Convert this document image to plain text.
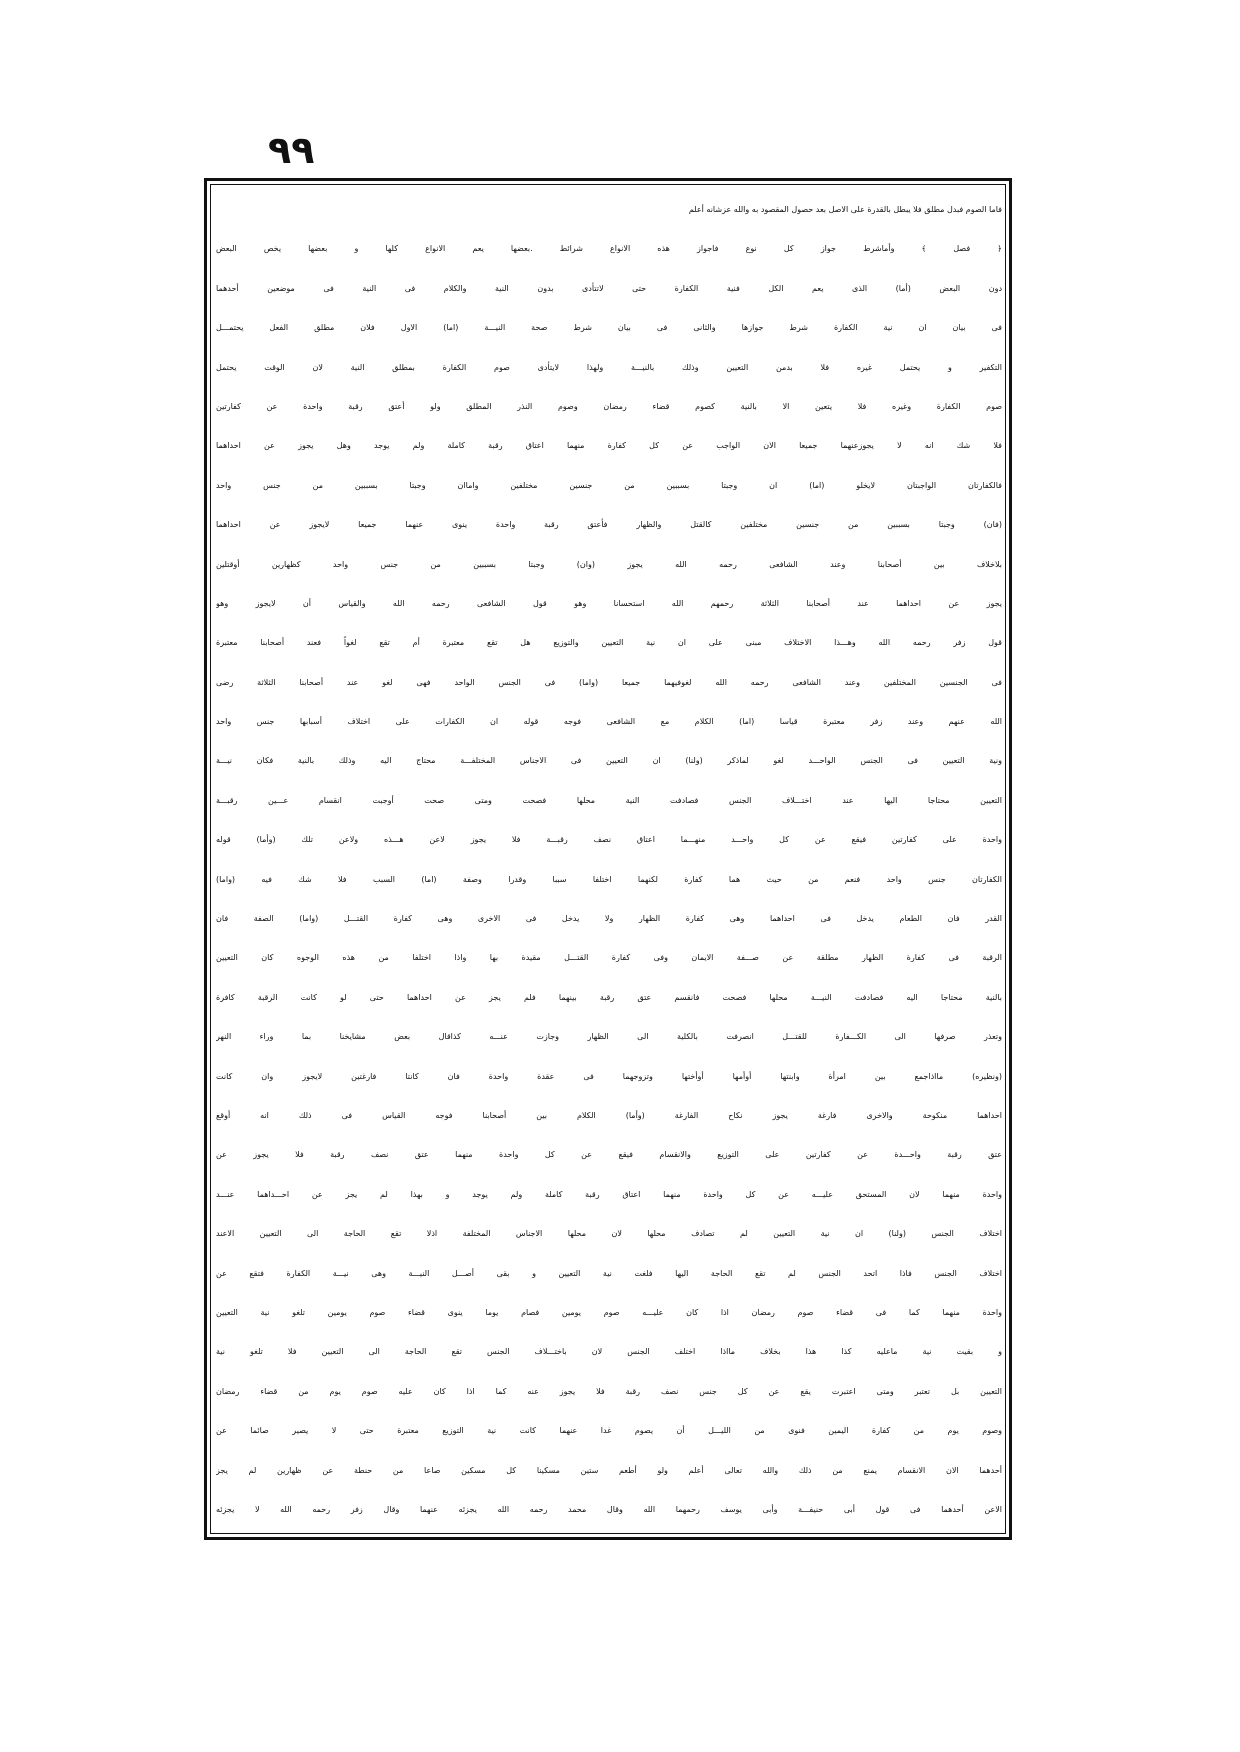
٩٩
فاما الصوم فبدل مطلق فلا يبطل بالقدرة على الاصل بعد حصول المقصود به والله عزشانه أعلم
﴿ فصل ﴾ وأماشرط جواز كل نوع فاجواز هذه الانواع شرائط .بعضها يعم الانواع كلها و بعضها يخص البعض
دون البعض (أما) الذى يعم الكل فنية الكفارة حتى لاتتأدى بدون النية والكلام فى النية فى موضعين أحدهما
فى بيان ان نية الكفارة شرط جوازها والثانى فى بيان شرط صحة النيـــة (اما) الاول فلان مطلق الفعل يحتمـــل
التكفير و يحتمل غيره فلا بدمن التعيين وذلك بالنيـــة ولهذا لايتأدى صوم الكفارة بمطلق النية لان الوقت يحتمل
صوم الكفارة وغيره فلا يتعين الا بالنية كصوم قضاء رمضان وصوم النذر المطلق ولو أعتق رقبة واحدة عن كفارتين
فلا شك انه لا يجوزعنهما جميعا الان الواجب عن كل كفارة منهما اعتاق رقبة كاملة ولم يوجد وهل يجوز عن احداهما
فالكفارتان الواجبتان لايخلو (اما) ان وجبتا بسببين من جنسين مختلفين واماان وجبتا بسببين من جنس واحد
(فان) وجبتا بسببين من جنسين مختلفين كالقتل والظهار فأعتق رقبة واحدة ينوى عنهما جميعا لايجوز عن احداهما
بلاخلاف بين أصحابنا وعند الشافعى رحمه الله يجوز (وان) وجبتا بسببين من جنس واحد كظهارين أوقتلين
يجوز عن احداهما عند أصحابنا الثلاثة رحمهم الله استحسانا وهو قول الشافعى رحمه الله والقياس أن لايجوز وهو
قول زفر رحمه الله وهـــذا الاختلاف مبنى على ان نية التعيين والتوزيع هل تقع معتبرة أم تقع لغواً فعند أصحابنا معتبرة
فى الجنسين المختلفين وعند الشافعى رحمه الله لغوفيهما جميعا (واما) فى الجنس الواحد فهى لغو عند أصحابنا الثلاثة رضى
الله عنهم وعند زفر معتبرة قياسا (اما) الكلام مع الشافعى فوجه قوله ان الكفارات على اختلاف أسبابها جنس واحد
ونية التعيين فى الجنس الواحـــد لغو لماذكر (ولنا) ان التعيين فى الاجناس المختلفـــة محتاج اليه وذلك بالنية فكان نيـــة
التعيين محتاجا اليها عند اختـــلاف الجنس فصادفت النية محلها فصحت ومتى صحت أوجبت انقسام عـــين رقبـــة
واحدة على كفارتين فيقع عن كل واحـــد منهـــما اعتاق نصف رقبـــة فلا يجوز لاعن هـــذه ولاعن تلك (وأما) قوله
الكفارتان جنس واحد فنعم من حيث هما كفارة لكنهما اختلفا سببا وقدرا وصفة (اما) السبب فلا شك فيه (واما)
القدر فان الطعام يدخل فى احداهما وهى كفارة الظهار ولا يدخل فى الاخرى وهى كفارة القتـــل (واما) الصفة فان
الرقبة فى كفارة الظهار مطلقة عن صـــفة الايمان وفى كفارة القتـــل مقيدة بها واذا اختلفا من هذه الوجوه كان التعيين
بالنية محتاجا اليه فصادفت النيـــة محلها فصحت فانقسم عتق رقبة بينهما فلم يجز عن احداهما حتى لو كانت الرقبة كافرة
وتعذر صرفها الى الكـــفارة للقتـــل انصرفت بالكلية الى الظهار وجازت عنـــه كذاقال بعض مشايخنا بما وراء النهر
(ونظيره) مااذاجمع بين امرأة وابنتها أوأمها أوأختها وتزوجهما فى عقدة واحدة فان كانتا فارغتين لايجوز وان كانت
احداهما منكوحة والاخرى فارغة يجوز نكاح الفارغة (وأما) الكلام بين أصحابنا فوجه القياس فى ذلك انه أوقع
عتق رقبة واحـــدة عن كفارتين على التوزيع والانقسام فيقع عن كل واحدة منهما عتق نصف رقبة فلا يجوز عن
واحدة منهما لان المستحق عليـــه عن كل واحدة منهما اعتاق رقبة كاملة ولم يوجد و بهذا لم يجز عن احـــداهما عنـــد
اختلاف الجنس (ولنا) ان نية التعيين لم تصادف محلها لان محلها الاجناس المختلفة اذلا تقع الحاجة الى التعيين الاعند
اختلاف الجنس فاذا اتحد الجنس لم تقع الحاجة اليها فلغت نية التعيين و بقى أصـــل النيـــة وهى نيـــة الكفارة فتقع عن
واحدة منهما كما فى قضاء صوم رمضان اذا كان عليـــه صوم يومين فصام يوما ينوى قضاء صوم يومين تلغو نية التعيين
و بقيت نية ماعليه كذا هذا بخلاف مااذا اختلف الجنس لان باختـــلاف الجنس تقع الحاجة الى التعيين فلا تلغو نية
التعيين بل تعتبر ومتى اعتبرت يقع عن كل جنس نصف رقبة فلا يجوز عنه كما اذا كان عليه صوم يوم من قضاء رمضان
وصوم يوم من كفارة اليمين فنوى من الليـــل أن يصوم غدا عنهما كانت نية التوزيع معتبرة حتى لا يصير صائما عن
أحدهما الان الانقسام يمنع من ذلك والله تعالى أعلم ولو أطعم ستين مسكينا كل مسكين صاعا من حنطة عن ظهارين لم يجز
الاعن أحدهما فى قول أبى حنيفـــة وأبى يوسف رحمهما الله وقال محمد رحمه الله يجزئه عنهما وقال زفر رحمه الله لا يجزئه
